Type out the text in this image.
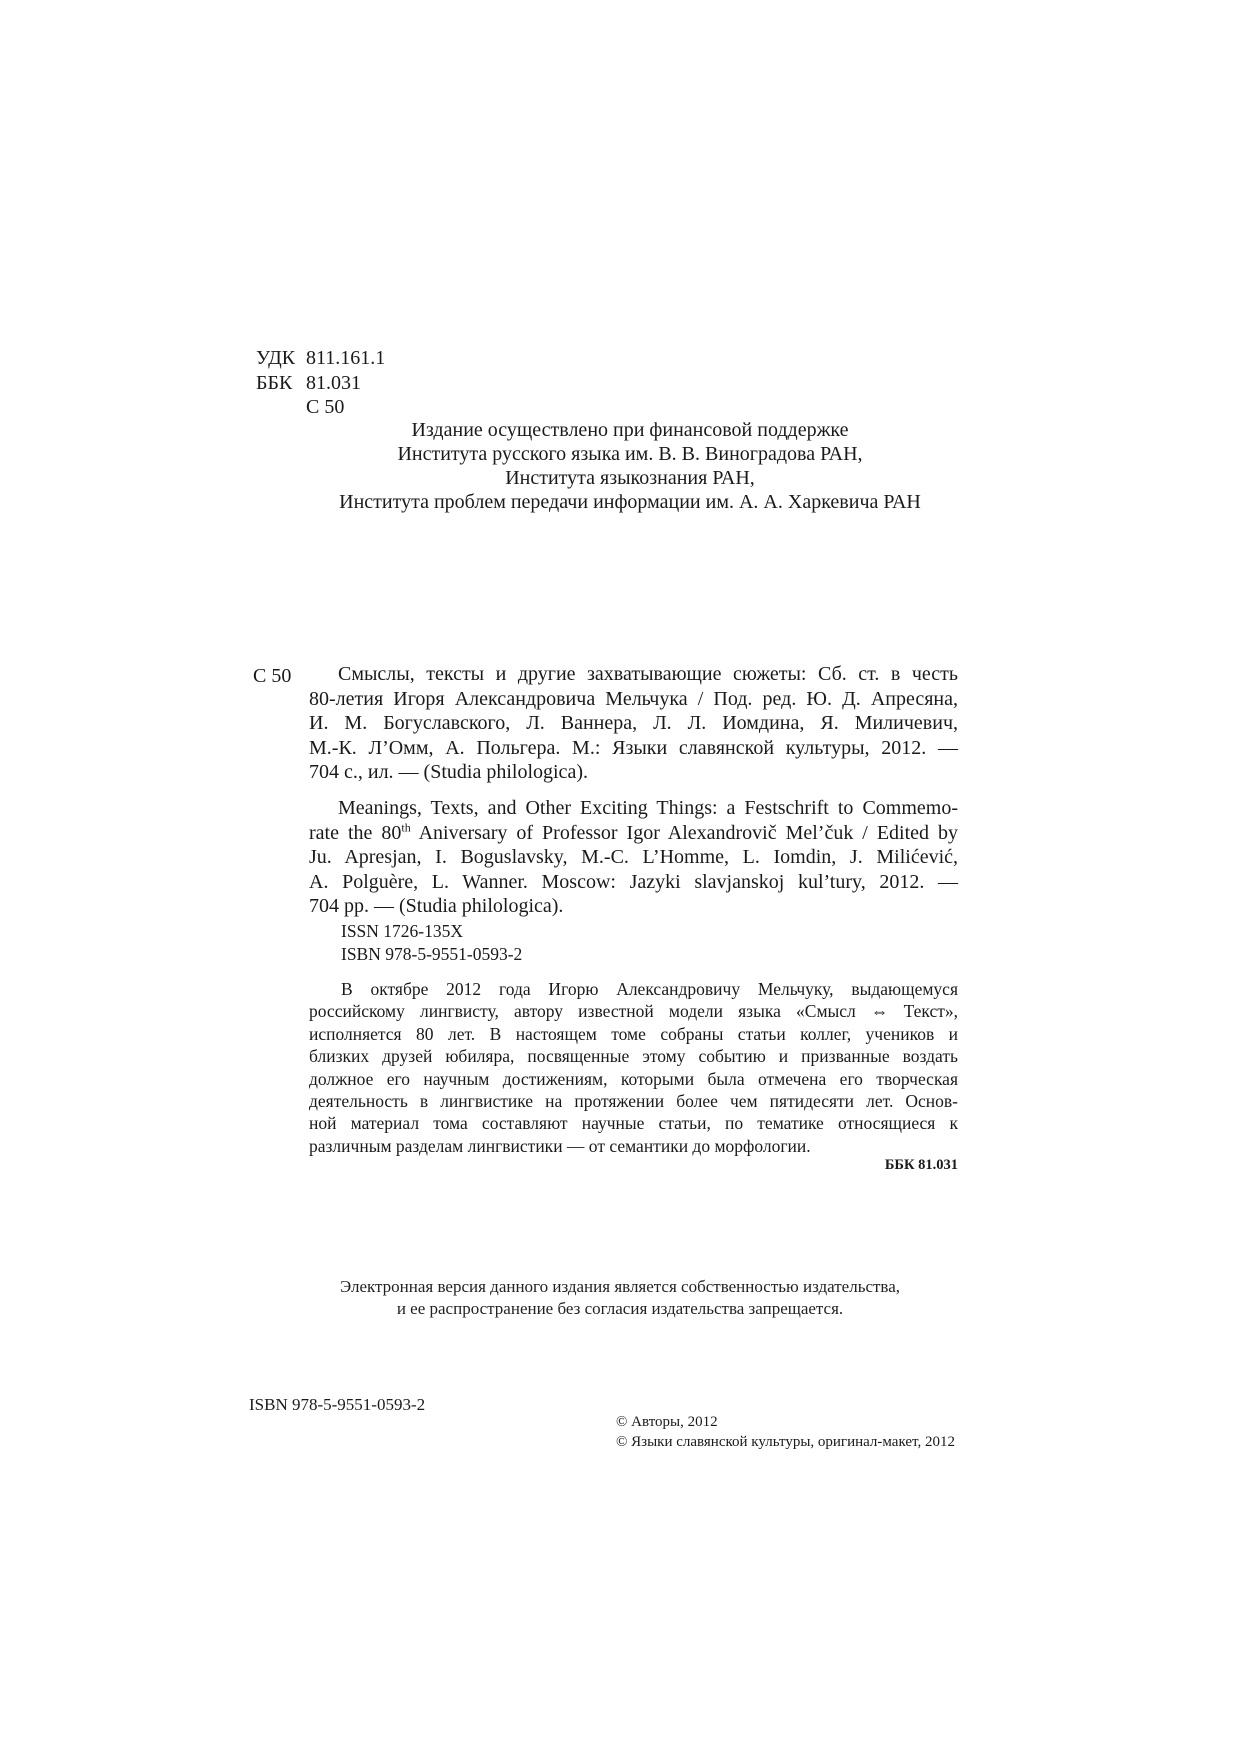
УДК 811.161.1
ББК 81.031
С 50
Издание осуществлено при финансовой поддержке
Института русского языка им. В. В. Виноградова РАН,
Института языкознания РАН,
Института проблем передачи информации им. А. А. Харкевича РАН
С 50	Смыслы, тексты и другие захватывающие сюжеты: Сб. ст. в честь
80-летия Игоря Александровича Мельчука / Под. ред. Ю. Д. Апресяна,
И. М. Богуславского, Л. Ваннера, Л. Л. Иомдина, Я. Миличевич,
М.-К. Л’Омм, А. Польгера. М.: Языки славянской культуры, 2012. —
704 с., ил. — (Studia philologica).
Meanings, Texts, and Other Exciting Things: a Festschrift to Commemo-
rate the 80th Aniversary of Professor Igor Alexandrovič Mel’čuk / Edited by
Ju. Apresjan, I. Boguslavsky, M.-C. L’Homme, L. Iomdin, J. Milićević,
A. Polguère, L. Wanner. Moscow: Jazyki slavjanskoj kul’tury, 2012. —
704 pp. — (Studia philologica).
ISSN 1726-135X
ISBN 978-5-9551-0593-2
В октябре 2012 года Игорю Александровичу Мельчуку, выдающемуся
российскому лингвисту, автору известной модели языка «Смысл ⇔ Текст»,
исполняется 80 лет. В настоящем томе собраны статьи коллег, учеников и
близких друзей юбиляра, посвященные этому событию и призванные воздать
должное его научным достижениям, которыми была отмечена его творческая
деятельность в лингвистике на протяжении более чем пятидесяти лет. Основ-
ной материал тома составляют научные статьи, по тематике относящиеся к
различным разделам лингвистики — от семантики до морфологии.
ББК 81.031
Электронная версия данного издания является собственностью издательства,
и ее распространение без согласия издательства запрещается.
ISBN 978-5-9551-0593-2
© Авторы, 2012
© Языки славянской культуры, оригинал-макет, 2012
